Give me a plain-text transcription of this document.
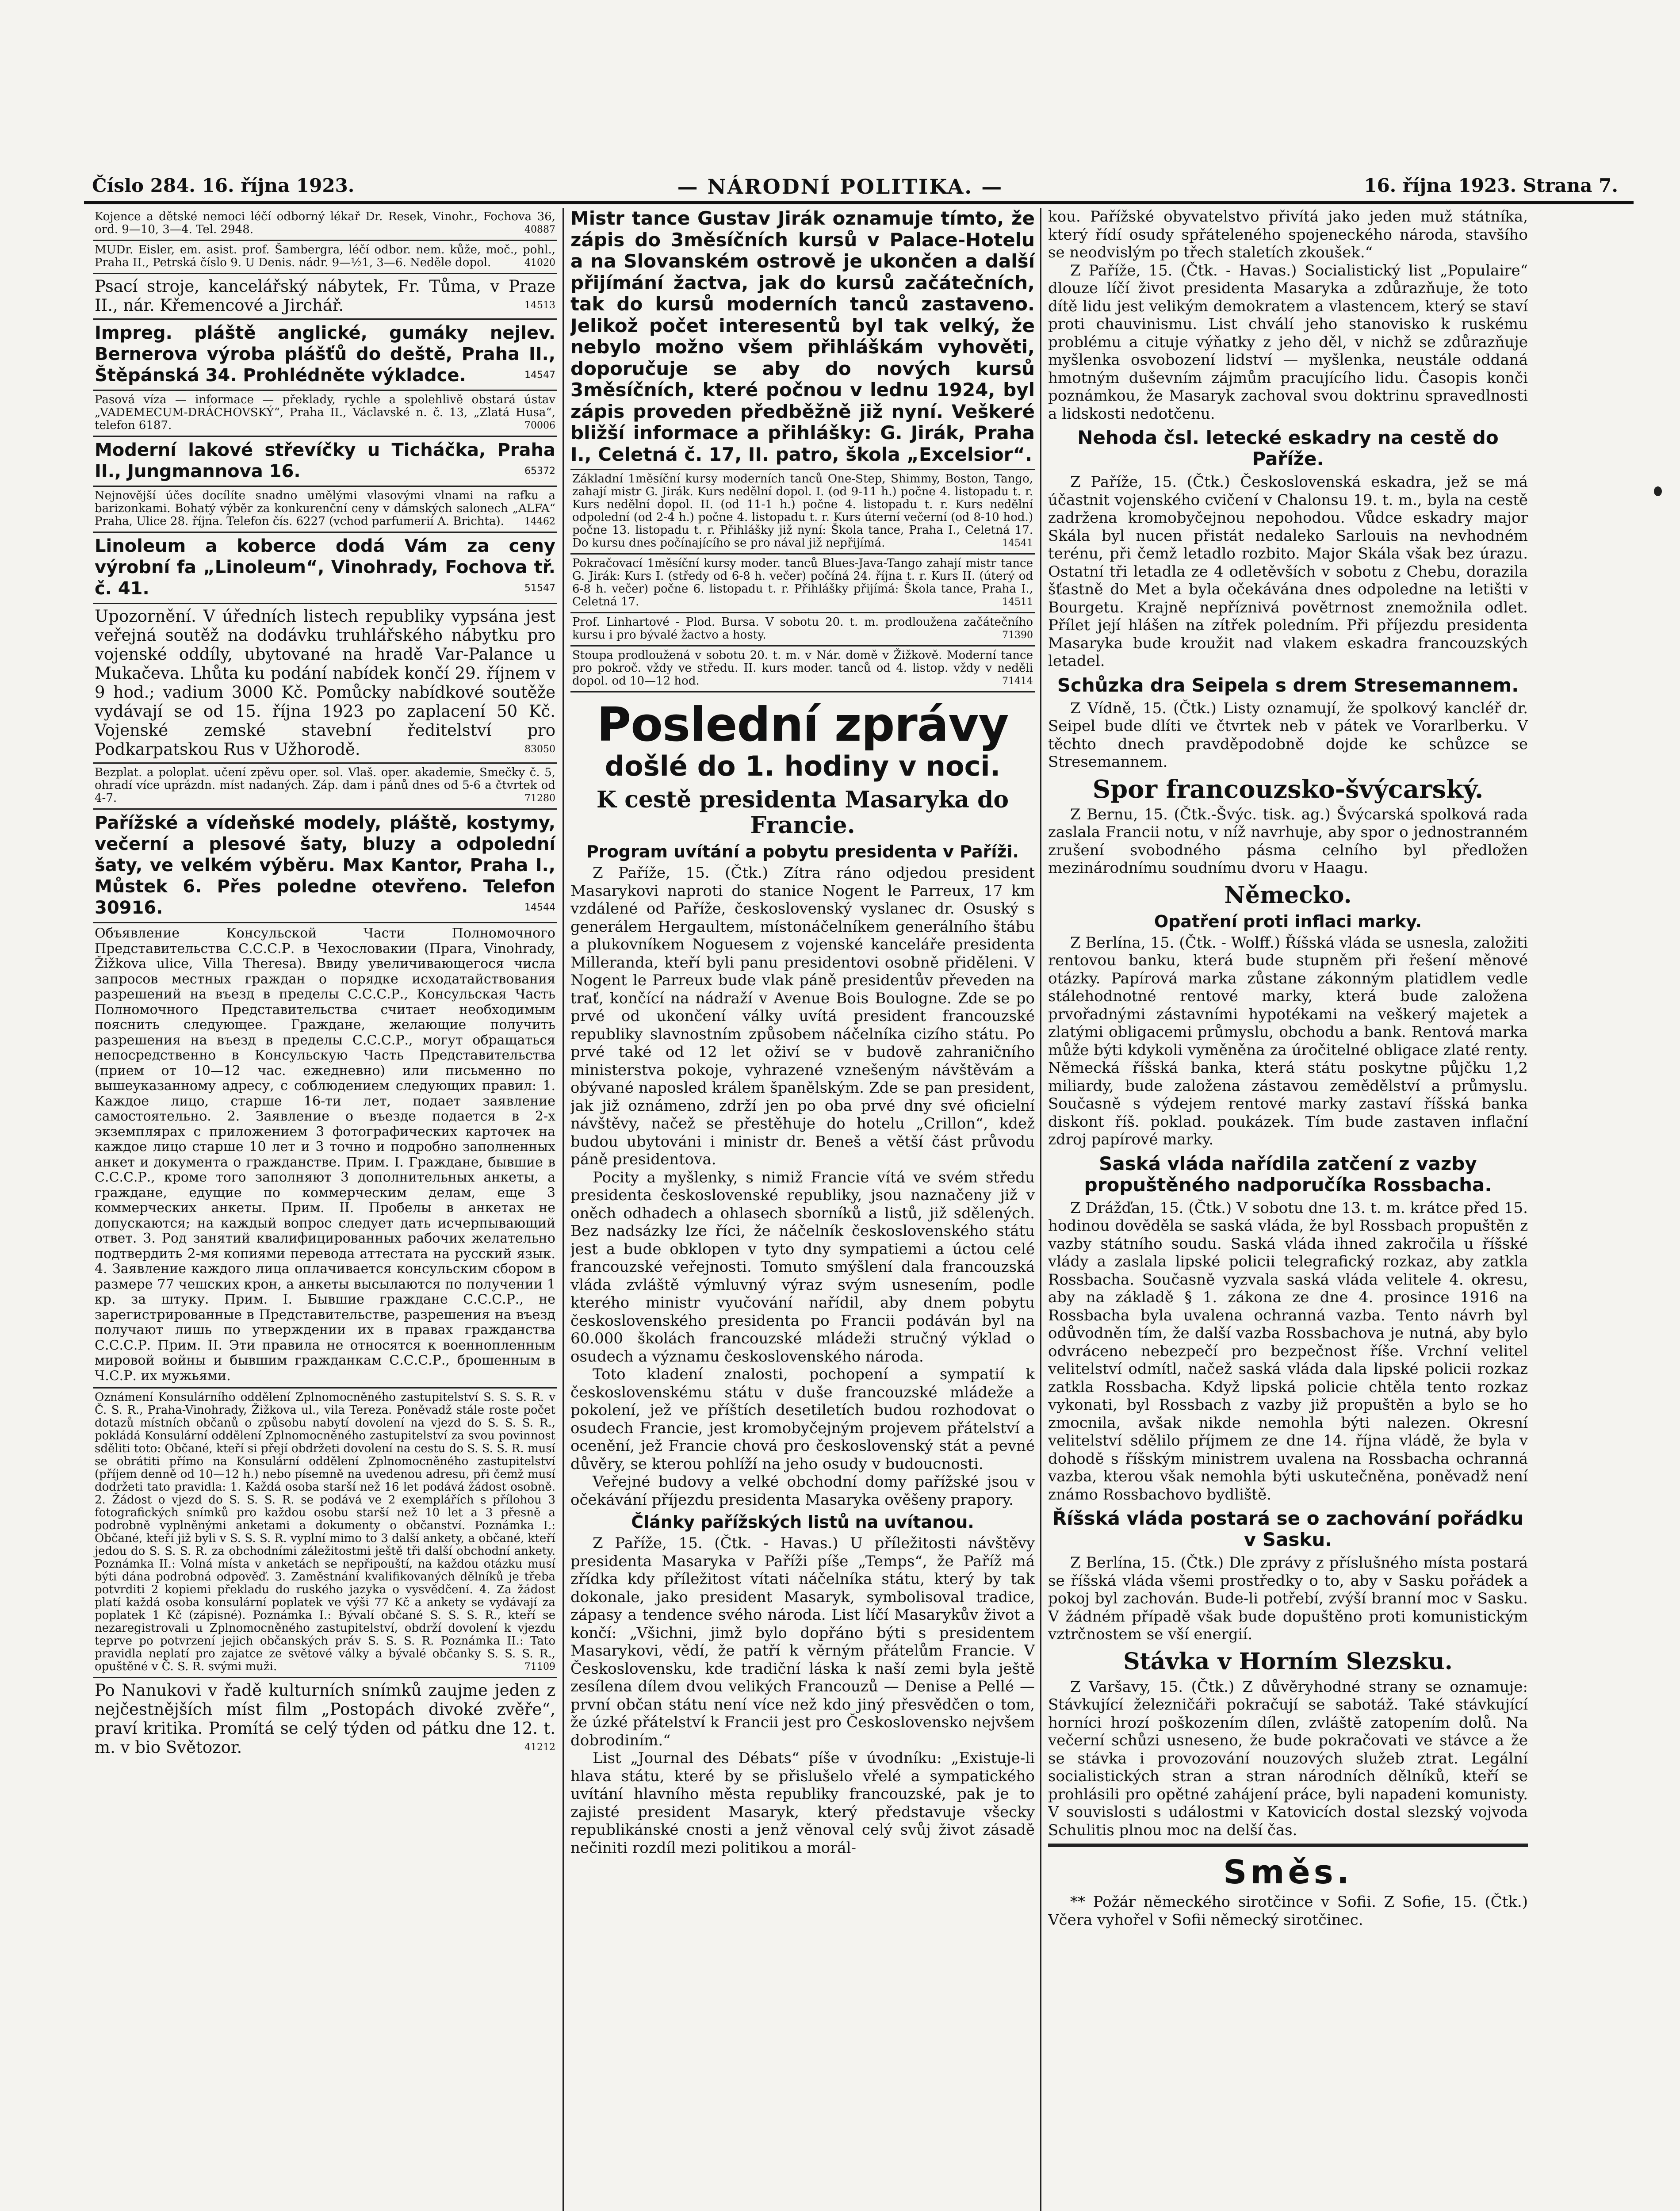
Číslo 284. 16. října 1923.	— NÁRODNÍ POLITIKA. —	16. října 1923. Strana 7.
Kojence a dětské nemoci léčí odborný lékař Dr. Resek, Vinohr., Fochova 36, ord. 9—10, 3—4. Tel. 2948.	40887
MUDr. Eisler, em. asist. prof. Šambergra, léčí odbor. nem. kůže, moč., pohl., Praha II., Petrská číslo 9. U Denis. nádr. 9—½1, 3—6. Neděle dopol.	41020
Psací stroje, kancelářský nábytek, Fr. Tůma, v Praze II., nár. Křemencové a Jirchář.	14513
Impreg. pláště anglické, gumáky nejlev. Bernerova výroba plášťů do deště, Praha II., Štěpánská 34. Prohlédněte výkladce.	14547
Pasová víza — informace — překlady, rychle a spolehlivě obstará ústav „VADEMECUM-DRÁCHOVSKÝ“, Praha II., Václavské n. č. 13, „Zlatá Husa“, telefon 6187.	70006
Moderní lakové střevíčky u Ticháčka, Praha II., Jungmannova 16.	65372
Nejnovější účes docílíte snadno umělými vlasovými vlnami na rafku a barizonkami. Bohatý výběr za konkurenční ceny v dámských salonech „ALFA“ Praha, Ulice 28. října. Telefon čís. 6227 (vchod parfumerií A. Brichta). 14462
Linoleum a koberce dodá Vám za ceny výrobní fa „Linoleum“, Vinohrady, Fochova tř. č. 41.	51547
Upozornění. V úředních listech republiky vypsána jest veřejná soutěž na dodávku truhlářského nábytku pro vojenské oddíly, ubytované na hradě Var-Palance u Mukačeva. Lhůta ku podání nabídek končí 29. říjnem v 9 hod.; vadium 3000 Kč. Pomůcky nabídkové soutěže vydávají se od 15. října 1923 po zaplacení 50 Kč. Vojenské zemské stavební ředitelství pro Podkarpatskou Rus v Užhorodě.	83050
Bezplat. a poloplat. učení zpěvu oper. sol. Vlaš. oper. akademie, Smečky č. 5, ohradí více uprázdn. míst nadaných. Záp. dam i pánů dnes od 5-6 a čtvrtek od 4-7.	71280
Pařížské a vídeňské modely, pláště, kostymy, večerní a plesové šaty, bluzy a odpolední šaty, ve velkém výběru. Max Kantor, Praha I., Můstek 6. Přes poledne otevřeno. Telefon 30916.	14544
Объявление Консульской Части Полномочного Представительства С.С.С.Р. в Чехословакии (Прага, Vinohrady, Žižkova ulice, Villa Theresa). Ввиду увеличивающегося числа запросов местных граждан о порядке исходатайствования разрешений на въезд в пределы С.С.С.Р., Консульская Часть Полномочного Представительства считает необходимым пояснить следующее. Граждане, желающие получить разрешения на въезд в пределы С.С.С.Р., могут обращаться непосредственно в Консульскую Часть Представительства (прием от 10—12 час. ежедневно) или письменно по вышеуказанному адресу, с соблюдением следующих правил: 1. Каждое лицо, старше 16-ти лет, подает заявление самостоятельно. 2. Заявление о въезде подается в 2-х экземплярах с приложением 3 фотографических карточек на каждое лицо старше 10 лет и 3 точно и подробно заполненных анкет и документа о гражданстве. Прим. I. Граждане, бывшие в С.С.С.Р., кроме того заполняют 3 дополнительных анкеты, а граждане, едущие по коммерческим делам, еще 3 коммерческих анкеты. Прим. II. Пробелы в анкетах не допускаются; на каждый вопрос следует дать исчерпывающий ответ. 3. Род занятий квалифицированных рабочих желательно подтвердить 2-мя копиями перевода аттестата на русский язык. 4. Заявление каждого лица оплачивается консульским сбором в размере 77 чешских крон, а анкеты высылаются по получении 1 кр. за штуку. Прим. I. Бывшие граждане С.С.С.Р., не зарегистрированные в Представительстве, разрешения на въезд получают лишь по утверждении их в правах гражданства С.С.С.Р. Прим. II. Эти правила не относятся к военнопленным мировой войны и бывшим гражданкам С.С.С.Р., брошенным в Ч.С.Р. их мужьями.
Oznámení Konsulárního oddělení Zplnomocněného zastupitelství S. S. S. R. v Č. S. R., Praha-Vinohrady, Žižkova ul., vila Tereza. Poněvadž stále roste počet dotazů místních občanů o způsobu nabytí dovolení na vjezd do S. S. S. R., pokládá Konsulární oddělení Zplnomocněného zastupitelství za svou povinnost sděliti toto: Občané, kteří si přejí obdržeti dovolení na cestu do S. S. S. R. musí se obrátiti přímo na Konsulární oddělení Zplnomocněného zastupitelství (příjem denně od 10—12 h.) nebo písemně na uvedenou adresu, při čemž musí dodržeti tato pravidla: 1. Každá osoba starší než 16 let podává žádost osobně. 2. Žádost o vjezd do S. S. S. R. se podává ve 2 exemplářích s přílohou 3 fotografických snímků pro každou osobu starší než 10 let a 3 přesně a podrobně vyplněnými anketami a dokumenty o občanství. Poznámka I.: Občané, kteří již byli v S. S. S. R. vyplní mimo to 3 další ankety, a občané, kteří jedou do S. S. S. R. za obchodními záležitostmi ještě tři další obchodní ankety. Poznámka II.: Volná místa v anketách se nepřipouští, na každou otázku musí býti dána podrobná odpověď. 3. Zaměstnání kvalifikovaných dělníků je třeba potvrditi 2 kopiemi překladu do ruského jazyka o vysvědčení. 4. Za žádost platí každá osoba konsulární poplatek ve výši 77 Kč a ankety se vydávají za poplatek 1 Kč (zápisné). Poznámka I.: Bývalí občané S. S. S. R., kteří se nezaregistrovali u Zplnomocněného zastupitelství, obdrží dovolení k vjezdu teprve po potvrzení jejich občanských práv S. S. S. R. Poznámka II.: Tato pravidla neplatí pro zajatce ze světové války a bývalé občanky S. S. S. R., opuštěné v Č. S. R. svými muži.	71109
Po Nanukovi v řadě kulturních snímků zaujme jeden z nejčestnějších míst film „Postopách divoké zvěře“, praví kritika. Promítá se celý týden od pátku dne 12. t. m. v bio Světozor.	41212
Mistr tance Gustav Jirák oznamuje tímto, že zápis do 3měsíčních kursů v Palace-Hotelu a na Slovanském ostrově je ukončen a další přijímání žactva, jak do kursů začátečních, tak do kursů moderních tanců zastaveno. Jelikož počet interesentů byl tak velký, že nebylo možno všem přihláškám vyhověti, doporučuje se aby do nových kursů 3měsíčních, které počnou v lednu 1924, byl zápis proveden předběžně již nyní. Veškeré bližší informace a přihlášky: G. Jirák, Praha I., Celetná č. 17, II. patro, škola „Excelsior“.
Základní 1měsíční kursy moderních tanců One-Step, Shimmy, Boston, Tango, zahají mistr G. Jirák. Kurs nedělní dopol. I. (od 9-11 h.) počne 4. listopadu t. r. Kurs nedělní dopol. II. (od 11-1 h.) počne 4. listopadu t. r. Kurs nedělní odpolední (od 2-4 h.) počne 4. listopadu t. r. Kurs úterní večerní (od 8-10 hod.) počne 13. listopadu t. r. Přihlášky již nyní: Škola tance, Praha I., Celetná 17. Do kursu dnes počínajícího se pro nával již nepřijímá.	14541
Pokračovací 1měsíční kursy moder. tanců Blues-Java-Tango zahají mistr tance G. Jirák: Kurs I. (středy od 6-8 h. večer) počíná 24. října t. r. Kurs II. (úterý od 6-8 h. večer) počne 6. listopadu t. r. Přihlášky přijímá: Škola tance, Praha I., Celetná 17.	14511
Prof. Linhartové - Plod. Bursa. V sobotu 20. t. m. prodloužena začátečního kursu i pro bývalé žactvo a hosty.	71390
Stoupa prodloužená v sobotu 20. t. m. v Nár. domě v Žižkově. Moderní tance pro pokroč. vždy ve středu. II. kurs moder. tanců od 4. listop. vždy v neděli dopol. od 10—12 hod.	71414
Poslední zprávy
došlé do 1. hodiny v noci.
K cestě presidenta Masaryka do Francie.
Program uvítání a pobytu presidenta v Paříži.

Z Paříže, 15. (Čtk.) Zítra ráno odjedou president Masarykovi naproti do stanice Nogent le Parreux, 17 km vzdálené od Paříže, československý vyslanec dr. Osuský s generálem Hergaultem, místonáčelníkem generálního štábu a plukovníkem Noguesem z vojenské kanceláře presidenta Milleranda, kteří byli panu presidentovi osobně přiděleni. V Nogent le Parreux bude vlak páně presidentův převeden na trať, končící na nádraží v Avenue Bois Boulogne. Zde se po prvé od ukončení války uvítá president francouzské republiky slavnostním způsobem náčelníka cizího státu. Po prvé také od 12 let oživí se v budově zahraničního ministerstva pokoje, vyhrazené vznešeným návštěvám a obývané naposled králem španělským. Zde se pan president, jak již oznámeno, zdrží jen po oba prvé dny své oficielní návštěvy, načež se přestěhuje do hotelu „Crillon“, kdež budou ubytováni i ministr dr. Beneš a větší část průvodu páně presidentova.

Pocity a myšlenky, s nimiž Francie vítá ve svém středu presidenta československé republiky, jsou naznačeny již v oněch odhadech a ohlasech sborníků a listů, již sdělených. Bez nadsázky lze říci, že náčelník československého státu jest a bude obklopen v tyto dny sympatiemi a úctou celé francouzské veřejnosti. Tomuto smýšlení dala francouzská vláda zvláště výmluvný výraz svým usnesením, podle kterého ministr vyučování nařídil, aby dnem pobytu československého presidenta po Francii podáván byl na 60.000 školách francouzské mládeži stručný výklad o osudech a významu československého národa.

Toto kladení znalosti, pochopení a sympatií k československému státu v duše francouzské mládeže a pokolení, jež ve příštích desetiletích budou rozhodovat o osudech Francie, jest kromobyčejným projevem přátelství a ocenění, jež Francie chová pro československý stát a pevné důvěry, se kterou pohlíží na jeho osudy v budoucnosti.

Veřejné budovy a velké obchodní domy pařížské jsou v očekávání příjezdu presidenta Masaryka ověšeny prapory.

Články pařížských listů na uvítanou.

Z Paříže, 15. (Čtk. - Havas.) U příležitosti návštěvy presidenta Masaryka v Paříži píše „Temps“, že Paříž má zřídka kdy příležitost vítati náčelníka státu, který by tak dokonale, jako president Masaryk, symbolisoval tradice, zápasy a tendence svého národa. List líčí Masarykův život a končí: „Všichni, jimž bylo dopřáno býti s presidentem Masarykovi, vědí, že patří k věrným přátelům Francie. V Československu, kde tradiční láska k naší zemi byla ještě zesílena dílem dvou velikých Francouzů — Denise a Pellé — první občan státu není více než kdo jiný přesvědčen o tom, že úzké přátelství k Francii jest pro Československo nejvšem dobrodiním.“

List „Journal des Débats“ píše v úvodníku: „Existuje-li hlava státu, které by se přislušelo vřelé a sympatického uvítání hlavního města republiky francouzské, pak je to zajisté president Masaryk, který představuje všecky republikánské cnosti a jenž věnoval celý svůj život zásadě nečiniti rozdíl mezi politikou a morál-

kou. Pařížské obyvatelstvo přivítá jako jeden muž státníka, který řídí osudy spřáteleného spojeneckého národa, stavšího se neodvislým po třech staletích zkoušek.“

Z Paříže, 15. (Čtk. - Havas.) Socialistický list „Populaire“ dlouze líčí život presidenta Masaryka a zdůrazňuje, že toto dítě lidu jest velikým demokratem a vlastencem, který se staví proti chauvinismu. List chválí jeho stanovisko k ruskému problému a cituje výňatky z jeho děl, v nichž se zdůrazňuje myšlenka osvobození lidství — myšlenka, neustále oddaná hmotným duševním zájmům pracujícího lidu. Časopis konči poznámkou, že Masaryk zachoval svou doktrinu spravedlnosti a lidskosti nedotčenu.

Nehoda čsl. letecké eskadry na cestě do Paříže.

Z Paříže, 15. (Čtk.) Československá eskadra, jež se má účastnit vojenského cvičení v Chalonsu 19. t. m., byla na cestě zadržena kromobyčejnou nepohodou. Vůdce eskadry major Skála byl nucen přistát nedaleko Sarlouis na nevhodném terénu, při čemž letadlo rozbito. Major Skála však bez úrazu. Ostatní tři letadla ze 4 odletěvších v sobotu z Chebu, dorazila šťastně do Met a byla očekávána dnes odpoledne na letišti v Bourgetu. Krajně nepříznivá povětrnost znemožnila odlet. Přílet její hlášen na zítřek poledním. Při příjezdu presidenta Masaryka bude kroužit nad vlakem eskadra francouzských letadel.

Schůzka dra Seipela s drem Stresemannem.

Z Vídně, 15. (Čtk.) Listy oznamují, že spolkový kancléř dr. Seipel bude dlíti ve čtvrtek neb v pátek ve Vorarlberku. V těchto dnech pravděpodobně dojde ke schůzce se Stresemannem.

Spor francouzsko-švýcarský.

Z Bernu, 15. (Čtk.-Švýc. tisk. ag.) Švýcarská spolková rada zaslala Francii notu, v níž navrhuje, aby spor o jednostranném zrušení svobodného pásma celního byl předložen mezinárodnímu soudnímu dvoru v Haagu.

Německo.
Opatření proti inflaci marky.

Z Berlína, 15. (Čtk. - Wolff.) Říšská vláda se usnesla, založiti rentovou banku, která bude stupněm při řešení měnové otázky. Papírová marka zůstane zákonným platidlem vedle stálehodnotné rentové marky, která bude založena prvořadnými zástavními hypotékami na veškerý majetek a zlatými obligacemi průmyslu, obchodu a bank. Rentová marka může býti kdykoli vyměněna za úročitelné obligace zlaté renty. Německá říšská banka, která státu poskytne půjčku 1,2 miliardy, bude založena zástavou zemědělství a průmyslu. Současně s výdejem rentové marky zastaví říšská banka diskont říš. poklad. poukázek. Tím bude zastaven inflační zdroj papírové marky.

Saská vláda nařídila zatčení z vazby propuštěného nadporučíka Rossbacha.

Z Drážďan, 15. (Čtk.) V sobotu dne 13. t. m. krátce před 15. hodinou dověděla se saská vláda, že byl Rossbach propuštěn z vazby státního soudu. Saská vláda ihned zakročila u říšské vlády a zaslala lipské policii telegrafický rozkaz, aby zatkla Rossbacha. Současně vyzvala saská vláda velitele 4. okresu, aby na základě § 1. zákona ze dne 4. prosince 1916 na Rossbacha byla uvalena ochranná vazba. Tento návrh byl odůvodněn tím, že další vazba Rossbachova je nutná, aby bylo odvráceno nebezpečí pro bezpečnost říše. Vrchní velitel velitelství odmítl, načež saská vláda dala lipské policii rozkaz zatkla Rossbacha. Když lipská policie chtěla tento rozkaz vykonati, byl Rossbach z vazby již propuštěn a bylo se ho zmocnila, avšak nikde nemohla býti nalezen. Okresní velitelství sdělilo příjmem ze dne 14. října vládě, že byla v dohodě s říšským ministrem uvalena na Rossbacha ochranná vazba, kterou však nemohla býti uskutečněna, poněvadž není známo Rossbachovo bydliště.

Říšská vláda postará se o zachování pořádku v Sasku.

Z Berlína, 15. (Čtk.) Dle zprávy z příslušného místa postará se říšská vláda všemi prostředky o to, aby v Sasku pořádek a pokoj byl zachován. Bude-li potřebí, zvýší branní moc v Sasku. V žádném případě však bude dopuštěno proti komunistickým vztrčnostem se vší energií.

Stávka v Horním Slezsku.

Z Varšavy, 15. (Čtk.) Z důvěryhodné strany se oznamuje: Stávkující železničáři pokračují se sabotáž. Také stávkující horníci hrozí poškozením dílen, zvláště zatopením dolů. Na večerní schůzi usneseno, že bude pokračovati ve stávce a že se stávka i provozování nouzových služeb ztrat. Legální socialistických stran a stran národních dělníků, kteří se prohlásili pro opětné zahájení práce, byli napadeni komunisty. V souvislosti s událostmi v Katovicích dostal slezský vojvoda Schulitis plnou moc na delší čas.

Směs.

** Požár německého sirotčince v Sofii. Z Sofie, 15. (Čtk.) Včera vyhořel v Sofii německý sirotčinec.
